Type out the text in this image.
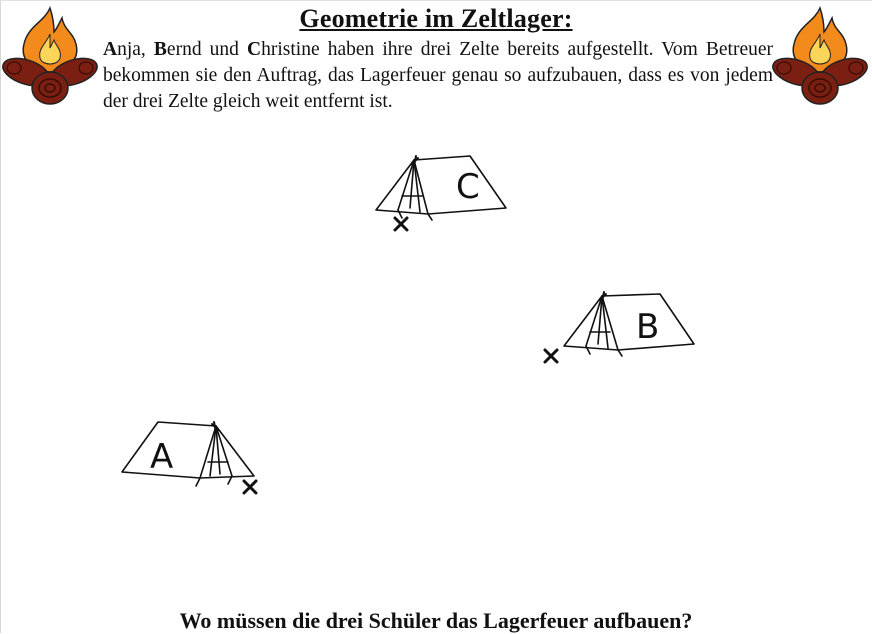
Geometrie im Zeltlager:
Anja, Bernd und Christine haben ihre drei Zelte bereits aufgestellt. Vom Betreuer bekommen sie den Auftrag, das Lagerfeuer genau so aufzubauen, dass es von jedem der drei Zelte gleich weit entfernt ist.
C
B
A
Wo müssen die drei Schüler das Lagerfeuer aufbauen?
